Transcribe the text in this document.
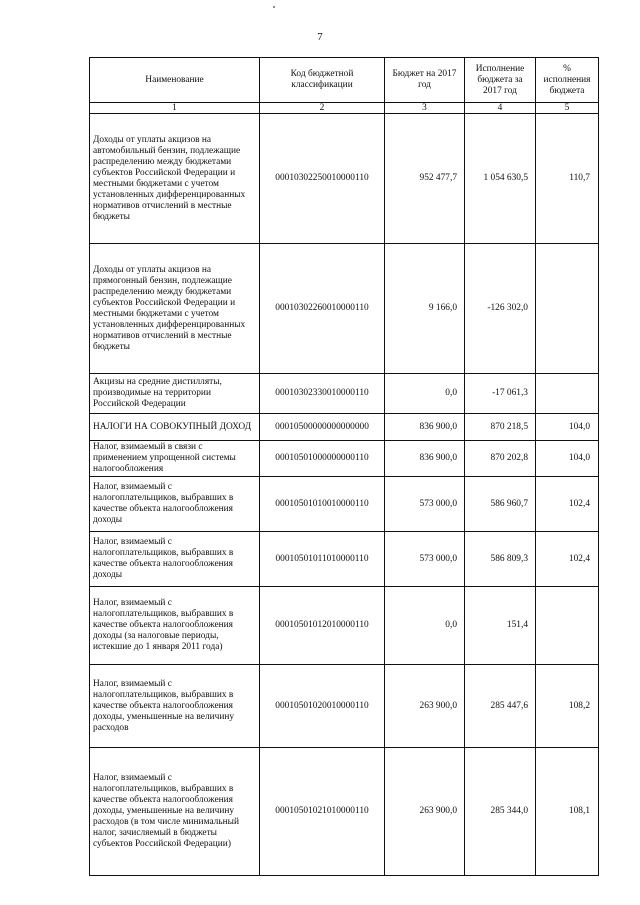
7
Наименование	Код бюджетной классификации	Бюджет на 2017 год	Исполнение бюджета за 2017 год	% исполнения бюджета
1	2	3	4	5
Доходы от уплаты акцизов на автомобильный бензин, подлежащие распределению между бюджетами субъектов Российской Федерации и местными бюджетами с учетом установленных дифференцированных нормативов отчислений в местные бюджеты	00010302250010000110	952 477,7	1 054 630,5	110,7
Доходы от уплаты акцизов на прямогонный бензин, подлежащие распределению между бюджетами субъектов Российской Федерации и местными бюджетами с учетом установленных дифференцированных нормативов отчислений в местные бюджеты	00010302260010000110	9 166,0	-126 302,0	
Акцизы на средние дистилляты, производимые на территории Российской Федерации	00010302330010000110	0,0	-17 061,3	
НАЛОГИ НА СОВОКУПНЫЙ ДОХОД	00010500000000000000	836 900,0	870 218,5	104,0
Налог, взимаемый в связи с применением упрощенной системы налогообложения	00010501000000000110	836 900,0	870 202,8	104,0
Налог, взимаемый с налогоплательщиков, выбравших в качестве объекта налогообложения доходы	00010501010010000110	573 000,0	586 960,7	102,4
Налог, взимаемый с налогоплательщиков, выбравших в качестве объекта налогообложения доходы	00010501011010000110	573 000,0	586 809,3	102,4
Налог, взимаемый с налогоплательщиков, выбравших в качестве объекта налогообложения доходы (за налоговые периоды, истекшие до 1 января 2011 года)	00010501012010000110	0,0	151,4	
Налог, взимаемый с налогоплательщиков, выбравших в качестве объекта налогообложения доходы, уменьшенные на величину расходов	00010501020010000110	263 900,0	285 447,6	108,2
Налог, взимаемый с налогоплательщиков, выбравших в качестве объекта налогообложения доходы, уменьшенные на величину расходов (в том числе минимальный налог, зачисляемый в бюджеты субъектов Российской Федерации)	00010501021010000110	263 900,0	285 344,0	108,1
